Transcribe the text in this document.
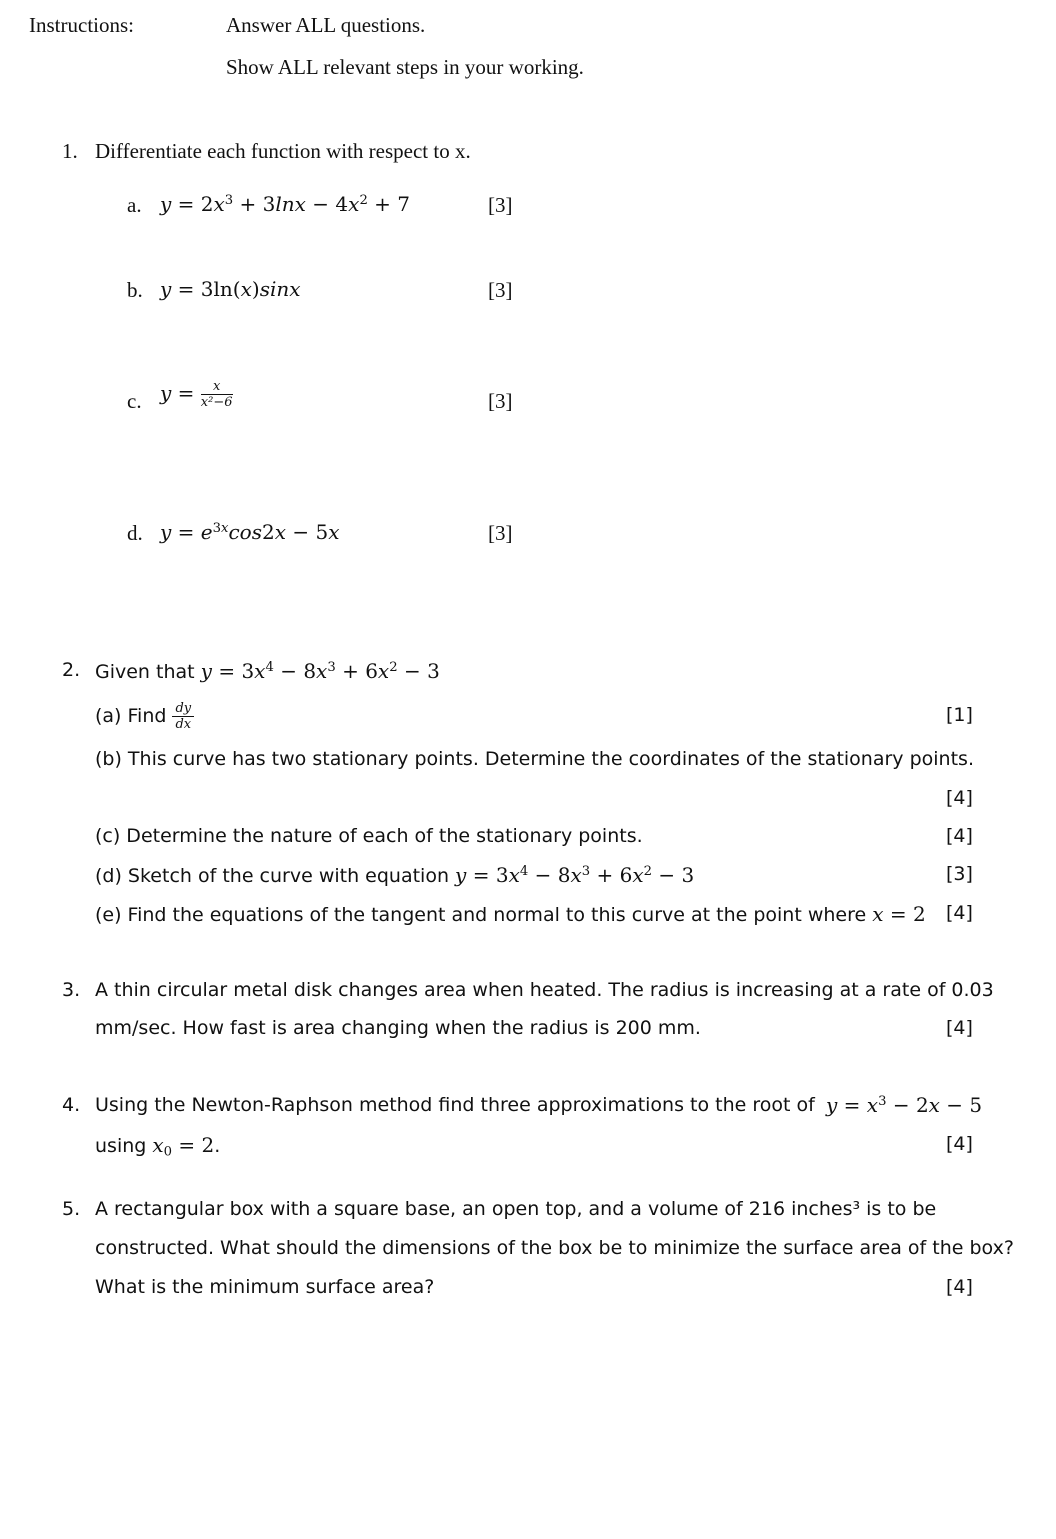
Instructions:	Answer ALL questions.
Show ALL relevant steps in your working.
1. Differentiate each function with respect to x.
a. $y = 2x^3 + 3\ln x - 4x^2 + 7$	[3]
b. y = 3ln(x)sinx	[3]
c. $y = \frac{x}{\text{x²−6}}$	[3]
d. $y = e^{3x}\cos 2x - 5x$	[3]
2. Given that $y = 3x^4 - 8x^3 + 6x^2 - 3$
(a) Find $\frac{dy}{dx}$	[1]
(b) This curve has two stationary points. Determine the coordinates of the stationary points.
[4]
(c) Determine the nature of each of the stationary points.	[4]
(d) Sketch of the curve with equation $y = 3x^4 - 8x^3 + 6x^2 - 3$	[3]
(e) Find the equations of the tangent and normal to this curve at the point where x = 2 [4]
3. A thin circular metal disk changes area when heated. The radius is increasing at a rate of 0.03
mm/sec. How fast is area changing when the radius is 200 mm.	[4]
4. Using the Newton-Raphson method find three approximations to the root of $y = x^3 - 2x - 5$
using $x_0 = 2$.	[4]
5. A rectangular box with a square base, an open top, and a volume of 216 inches³ is to be
constructed. What should the dimensions of the box be to minimize the surface area of the box?
What is the minimum surface area?	[4]
